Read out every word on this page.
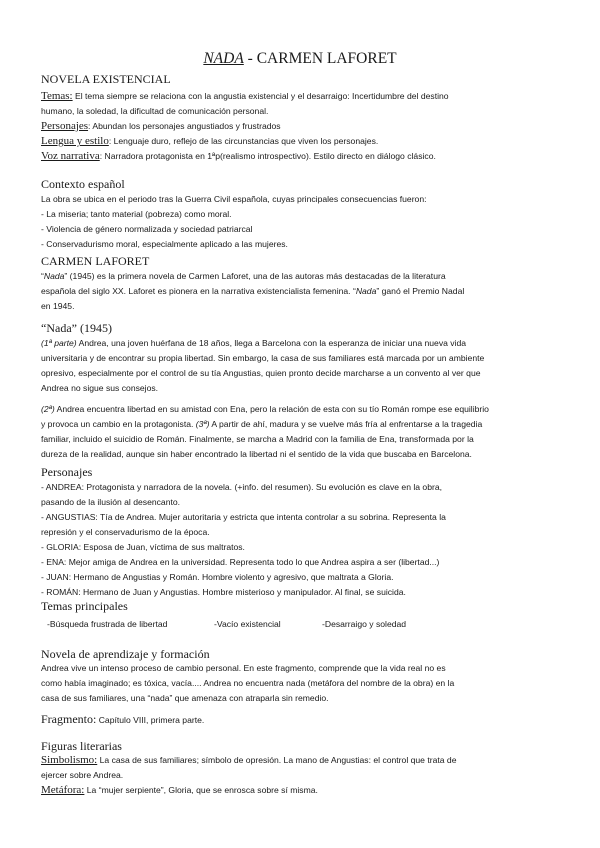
NADA - CARMEN LAFORET
NOVELA EXISTENCIAL
Temas: El tema siempre se relaciona con la angustia existencial y el desarraigo: Incertidumbre del destino
humano, la soledad, la dificultad de comunicación personal.
Personajes: Abundan los personajes angustiados y frustrados
Lengua y estilo: Lenguaje duro, reflejo de las circunstancias que viven los personajes.
Voz narrativa: Narradora protagonista en 1ªp(realismo introspectivo). Estilo directo en diálogo clásico.
Contexto español
La obra se ubica en el periodo tras la Guerra Civil española, cuyas principales consecuencias fueron:
- La miseria; tanto material (pobreza) como moral.
- Violencia de género normalizada y sociedad patriarcal
- Conservadurismo moral, especialmente aplicado a las mujeres.
CARMEN LAFORET
“Nada” (1945) es la primera novela de Carmen Laforet, una de las autoras más destacadas de la literatura
española del siglo XX. Laforet es pionera en la narrativa existencialista femenina. “Nada” ganó el Premio Nadal
en 1945.
“Nada” (1945)
(1ª parte) Andrea, una joven huérfana de 18 años, llega a Barcelona con la esperanza de iniciar una nueva vida
universitaria y de encontrar su propia libertad. Sin embargo, la casa de sus familiares está marcada por un ambiente
opresivo, especialmente por el control de su tía Angustias, quien pronto decide marcharse a un convento al ver que
Andrea no sigue sus consejos.
(2ª) Andrea encuentra libertad en su amistad con Ena, pero la relación de esta con su tío Román rompe ese equilibrio
y provoca un cambio en la protagonista. (3ª) A partir de ahí, madura y se vuelve más fría al enfrentarse a la tragedia
familiar, incluido el suicidio de Román. Finalmente, se marcha a Madrid con la familia de Ena, transformada por la
dureza de la realidad, aunque sin haber encontrado la libertad ni el sentido de la vida que buscaba en Barcelona.
Personajes
- ANDREA: Protagonista y narradora de la novela. (+info. del resumen). Su evolución es clave en la obra,
pasando de la ilusión al desencanto.
- ANGUSTIAS: Tía de Andrea. Mujer autoritaria y estricta que intenta controlar a su sobrina. Representa la
represión y el conservadurismo de la época.
- GLORIA: Esposa de Juan, víctima de sus maltratos.
- ENA: Mejor amiga de Andrea en la universidad. Representa todo lo que Andrea aspira a ser (libertad...)
- JUAN: Hermano de Angustias y Román. Hombre violento y agresivo, que maltrata a Gloria.
- ROMÁN: Hermano de Juan y Angustias. Hombre misterioso y manipulador. Al final, se suicida.
Temas principales
-Búsqueda frustrada de libertad	-Vacío existencial	-Desarraigo y soledad
Novela de aprendizaje y formación
Andrea vive un intenso proceso de cambio personal. En este fragmento, comprende que la vida real no es
como había imaginado; es tóxica, vacía.... Andrea no encuentra nada (metáfora del nombre de la obra) en la
casa de sus familiares, una “nada” que amenaza con atraparla sin remedio.
Fragmento: Capítulo VIII, primera parte.
Figuras literarias
Simbolismo: La casa de sus familiares; símbolo de opresión. La mano de Angustias: el control que trata de
ejercer sobre Andrea.
Metáfora: La “mujer serpiente”, Gloria, que se enrosca sobre sí misma.
